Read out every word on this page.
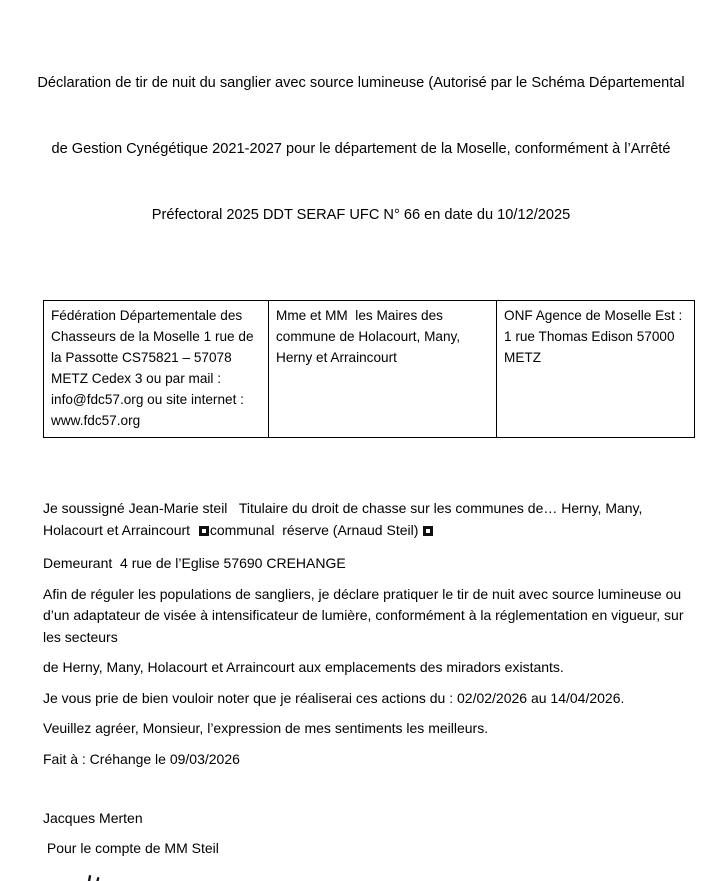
Déclaration de tir de nuit du sanglier avec source lumineuse (Autorisé par le Schéma Départemental

de Gestion Cynégétique 2021-2027 pour le département de la Moselle, conformément à l’Arrêté

Préfectoral 2025 DDT SERAF UFC N° 66 en date du 10/12/2025

Fédération Départementale des Chasseurs de la Moselle 1 rue de la Passotte CS75821 – 57078 METZ Cedex 3 ou par mail : info@fdc57.org ou site internet : www.fdc57.org
Mme et MM  les Maires des commune de Holacourt, Many, Herny et Arraincourt
ONF Agence de Moselle Est : 1 rue Thomas Edison 57000 METZ

Je soussigné Jean-Marie steil   Titulaire du droit de chasse sur les communes de… Herny, Many, Holacourt et Arraincourt  communal  réserve (Arnaud Steil)

Demeurant  4 rue de l’Eglise 57690 CREHANGE

Afin de réguler les populations de sangliers, je déclare pratiquer le tir de nuit avec source lumineuse ou d’un adaptateur de visée à intensificateur de lumière, conformément à la réglementation en vigueur, sur les secteurs

de Herny, Many, Holacourt et Arraincourt aux emplacements des miradors existants.

Je vous prie de bien vouloir noter que je réaliserai ces actions du : 02/02/2026 au 14/04/2026.

Veuillez agréer, Monsieur, l’expression de mes sentiments les meilleurs.

Fait à : Créhange le 09/03/2026

Jacques Merten

Pour le compte de MM Steil
